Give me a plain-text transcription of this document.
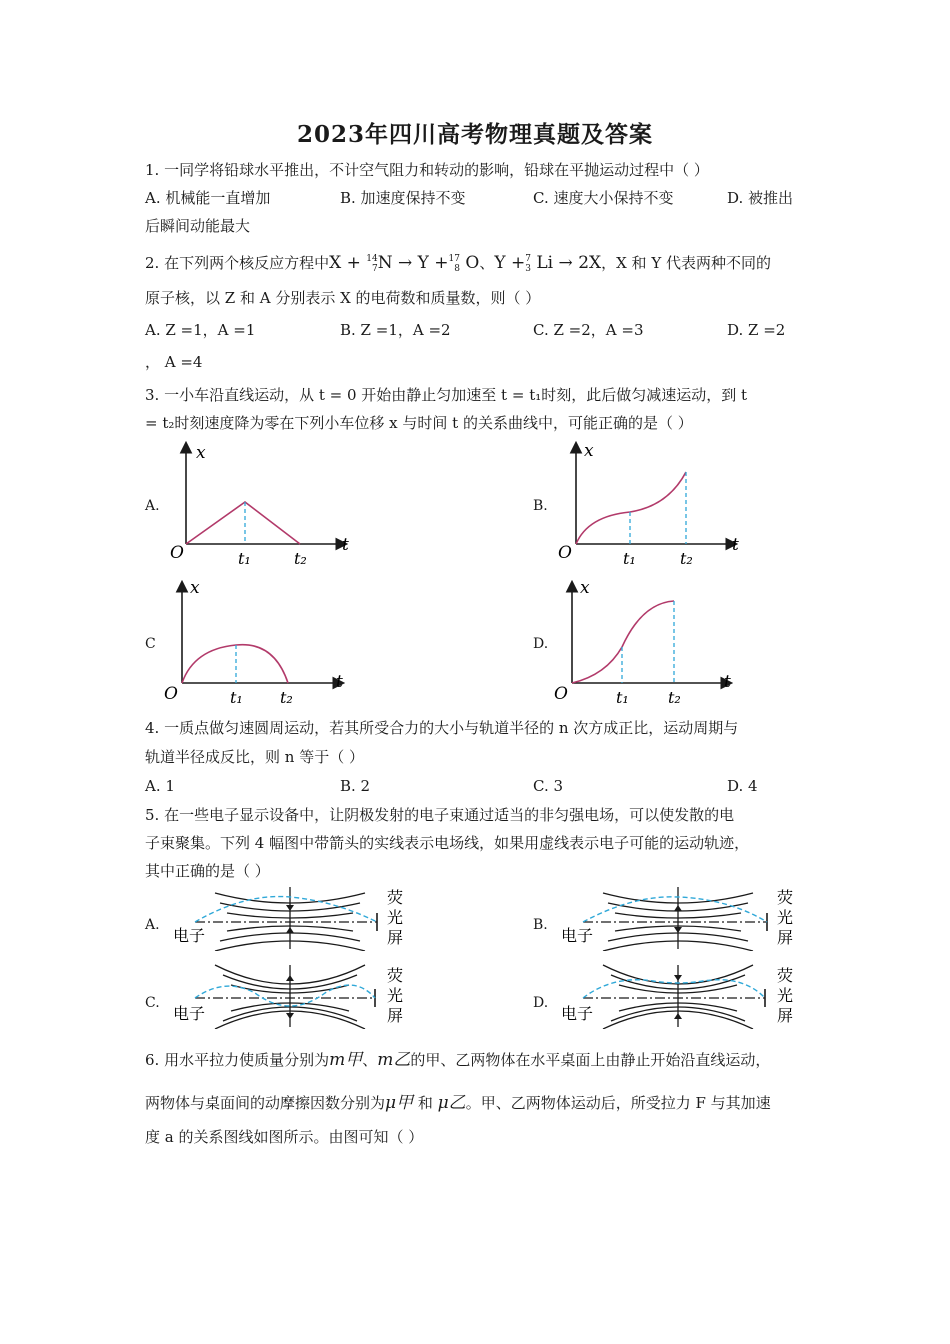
2023年四川高考物理真题及答案
1. 一同学将铅球水平推出，不计空气阻力和转动的影响，铅球在平抛运动过程中（ ）
A. 机械能一直增加	B. 加速度保持不变	C. 速度大小保持不变	D. 被推出
后瞬间动能最大
2. 在下列两个核反应方程中X + 14
7N → Y +17
8 O、Y +7
3 Li → 2X，X 和 Y 代表两种不同的
原子核，以 Z 和 A 分别表示 X 的电荷数和质量数，则（ ）
A. Z =1，A =1	B. Z =1，A =2	C. Z =2，A =3	D. Z =2
， A =4
3. 一小车沿直线运动，从 t = 0 开始由静止匀加速至 t = t₁时刻，此后做匀减速运动，到 t
= t₂时刻速度降为零在下列小车位移 x 与时间 t 的关系曲线中，可能正确的是（ ）
A.	B.
C	D.
O
x
t
t₁	t₂	O
x
t
t₁	t₂
O
x
t
t₁ t₂	O
x
t
t₁ t₂
4. 一质点做匀速圆周运动，若其所受合力的大小与轨道半径的 n 次方成正比，运动周期与
轨道半径成反比，则 n 等于（ ）
A. 1	B. 2	C. 3	D. 4
5. 在一些电子显示设备中，让阴极发射的电子束通过适当的非匀强电场，可以使发散的电
子束聚集。下列 4 幅图中带箭头的实线表示电场线，如果用虚线表示电子可能的运动轨迹，
其中正确的是（ ）
A.	B.
C.	D.
电子
荧
光
屏	电子
荧
光
屏
电子
荧
光
屏	电子
荧
光
屏
6. 用水平拉力使质量分别为m甲、m乙的甲、乙两物体在水平桌面上由静止开始沿直线运动，
两物体与桌面间的动摩擦因数分别为μ甲 和 μ乙。甲、乙两物体运动后，所受拉力 F 与其加速
度 a 的关系图线如图所示。由图可知（ ）
